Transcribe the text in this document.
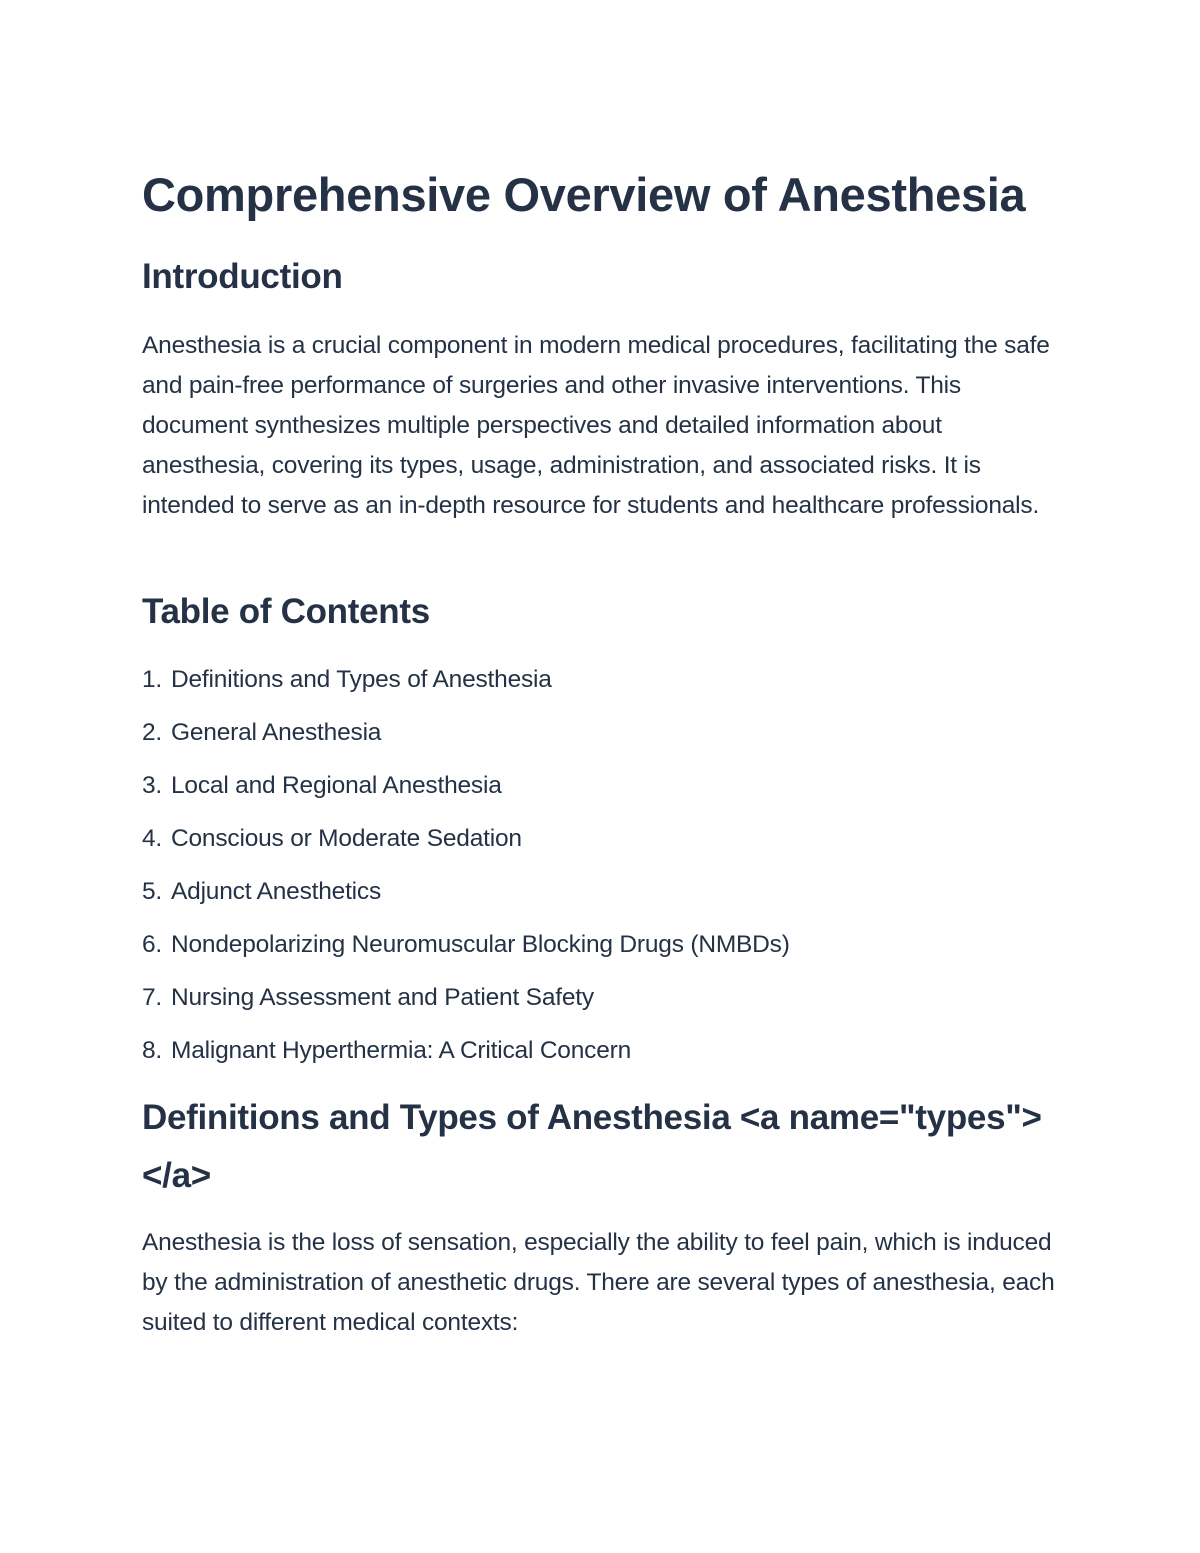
Comprehensive Overview of Anesthesia
Introduction

Anesthesia is a crucial component in modern medical procedures, facilitating the safe and pain-free performance of surgeries and other invasive interventions. This document synthesizes multiple perspectives and detailed information about anesthesia, covering its types, usage, administration, and associated risks. It is intended to serve as an in-depth resource for students and healthcare professionals.

Table of Contents
1. Definitions and Types of Anesthesia
2. General Anesthesia
3. Local and Regional Anesthesia
4. Conscious or Moderate Sedation
5. Adjunct Anesthetics
6. Nondepolarizing Neuromuscular Blocking Drugs (NMBDs)
7. Nursing Assessment and Patient Safety
8. Malignant Hyperthermia: A Critical Concern
Definitions and Types of Anesthesia <a name="types"></a>

Anesthesia is the loss of sensation, especially the ability to feel pain, which is induced by the administration of anesthetic drugs. There are several types of anesthesia, each suited to different medical contexts:
